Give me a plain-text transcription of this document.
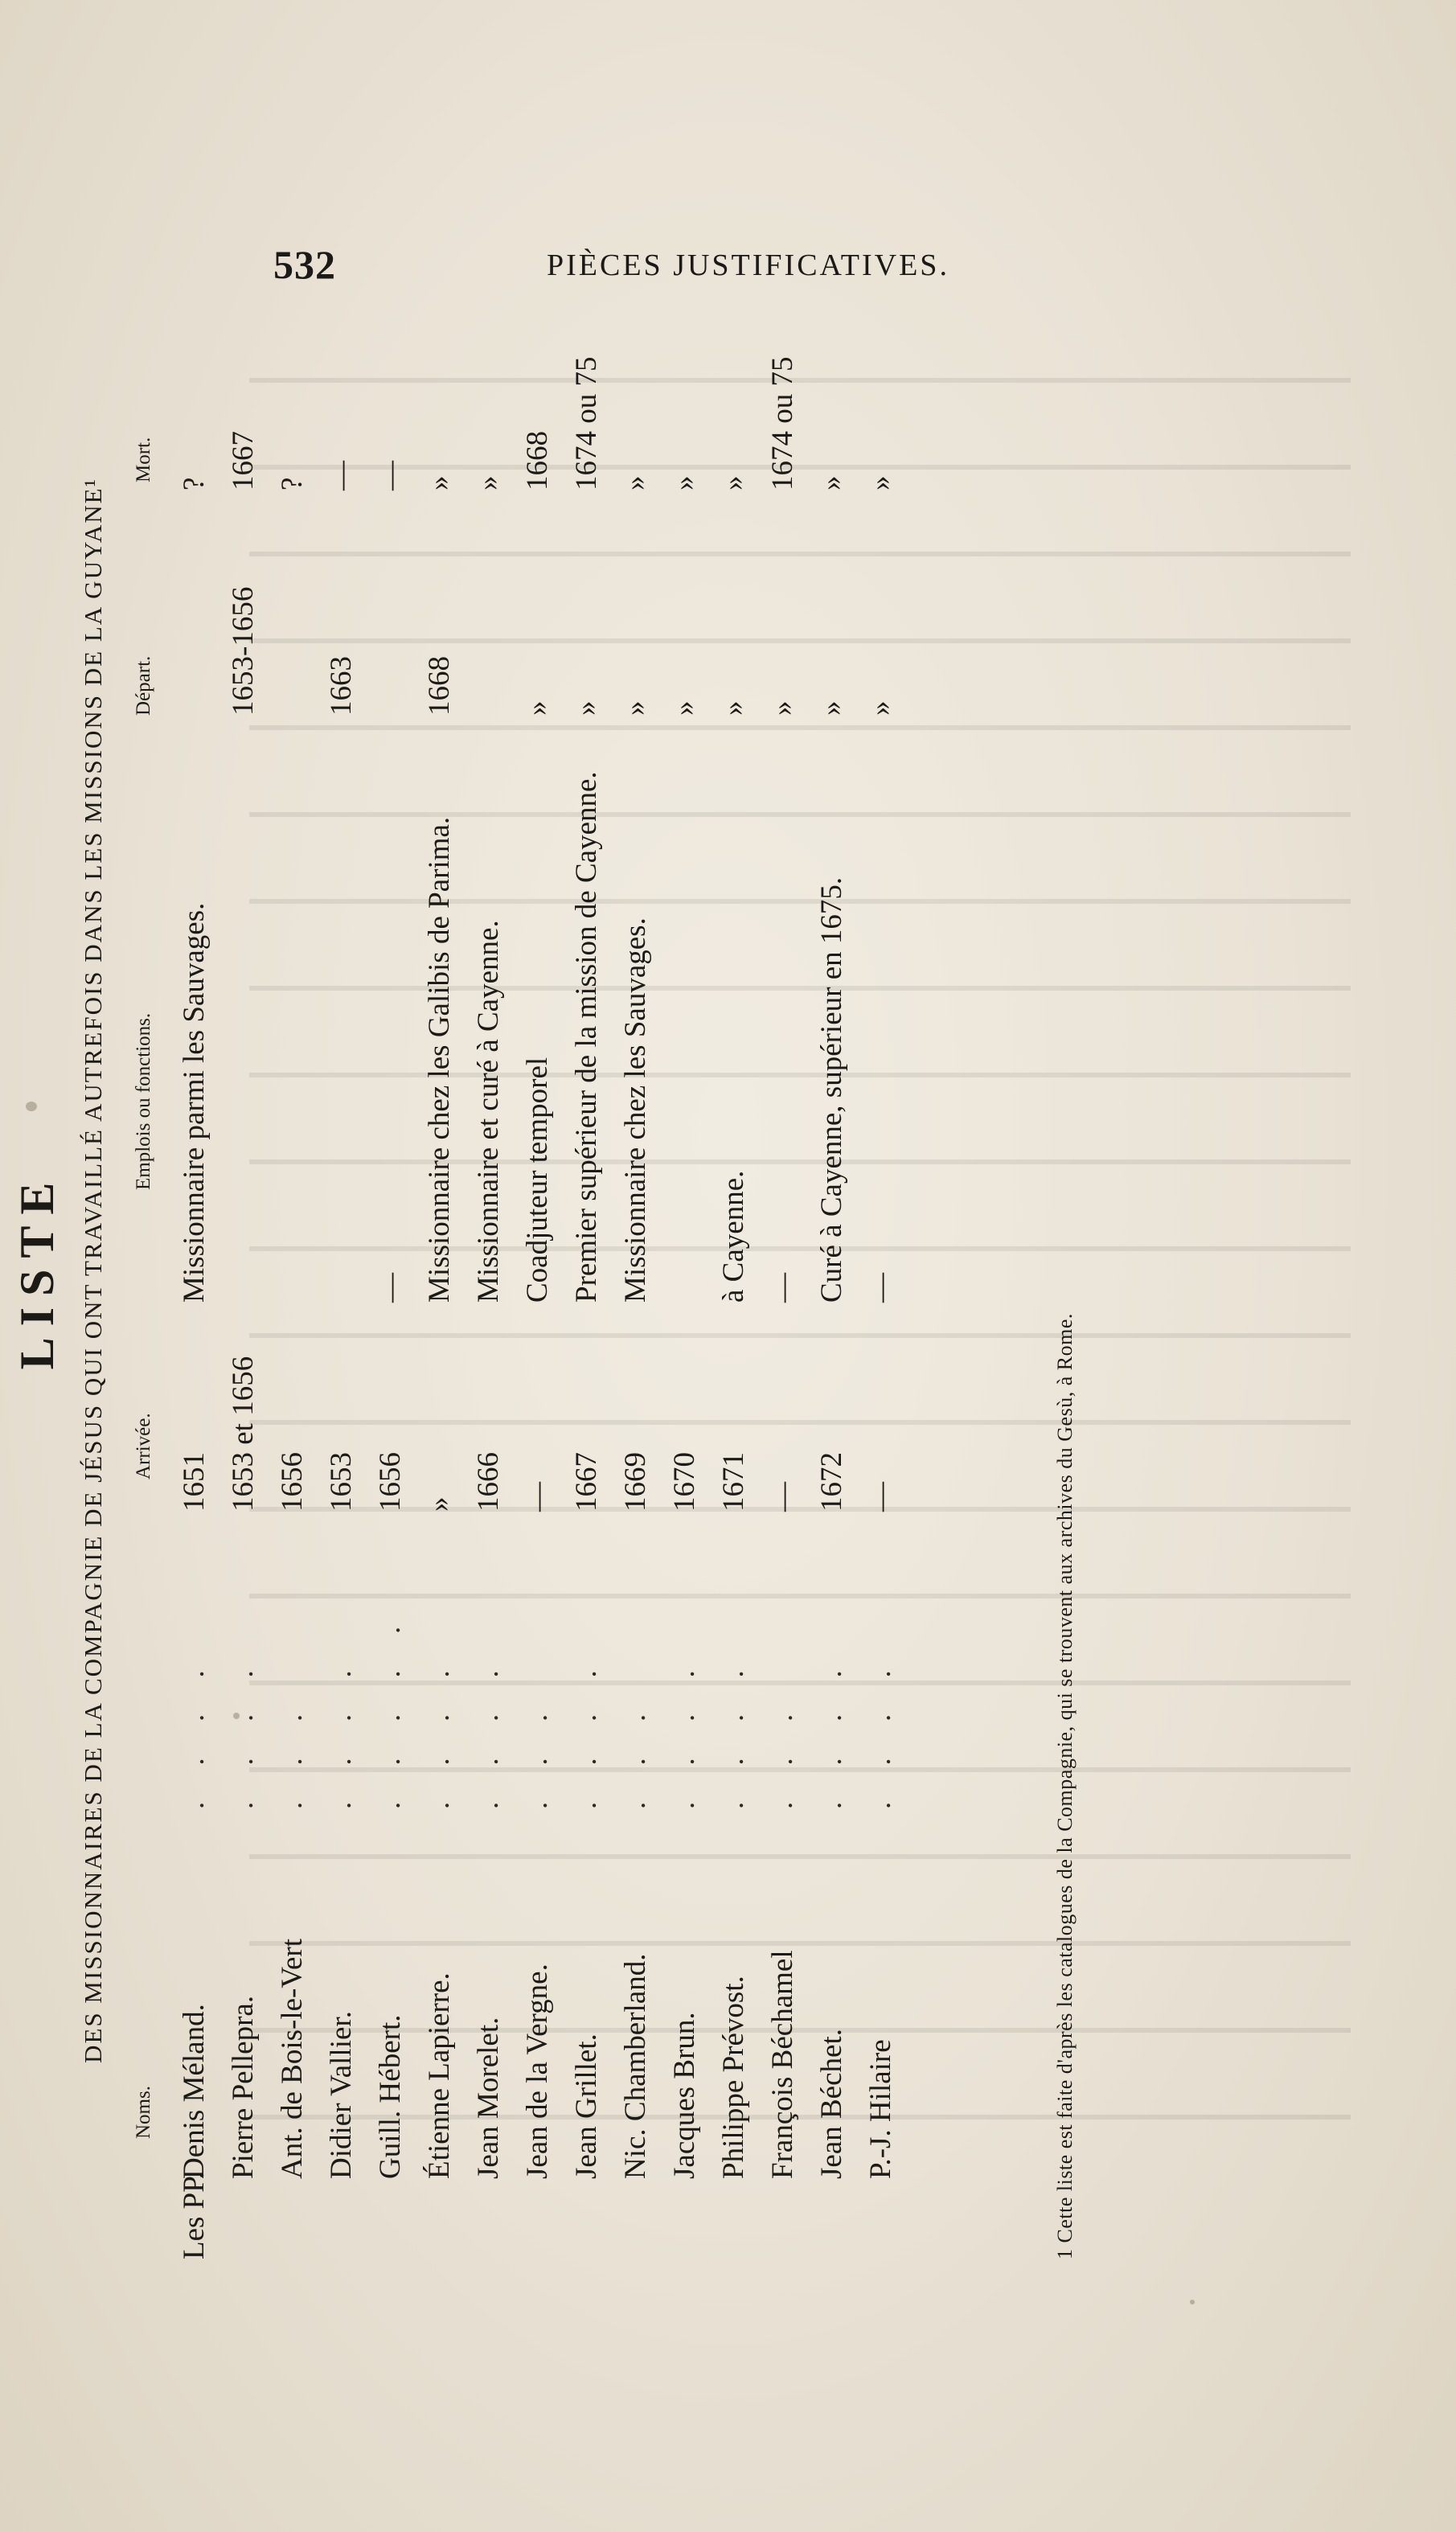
532	PIÈCES JUSTIFICATIVES.
LISTE DES MISSIONNAIRES DE LA COMPAGNIE DE JÉSUS QUI ONT TRAVAILLÉ AUTREFOIS DANS LES MISSIONS DE LA GUYANE¹
Noms.
Arrivée.
Emplois ou fonctions.
Départ.
Mort.
Les PP.
Denis Méland.
. . . .
1651
Missionnaire parmi les Sauvages.
?
Pierre Pellepra.
. . . .
1653 et 1656
1653-1656
1667
Ant. de Bois-le-Vert
. . .
1656
?
Didier Vallier.
. . . .
1653
1663
—
Guill. Hébert.
. . . . .
1656
—
—
Étienne Lapierre.
. . . .
»
Missionnaire chez les Galibis de Parima.
1668
»
Jean Morelet.
. . . .
1666
Missionnaire et curé à Cayenne.
»
Jean de la Vergne.
. . .
—
Coadjuteur temporel
»
1668
Jean Grillet.
. . . .
1667
Premier supérieur de la mission de Cayenne.
»
1674 ou 75
Nic. Chamberland.
. . .
1669
Missionnaire chez les Sauvages.
»
»
Jacques Brun.
. . . .
1670
»
»
Philippe Prévost.
. . . .
1671
à Cayenne.
»
»
François Béchamel
. . .
—
—
»
1674 ou 75
Jean Béchet.
. . . .
1672
Curé à Cayenne, supérieur en 1675.
»
»
P.-J. Hilaire
. . . .
—
—
»
»
1 Cette liste est faite d'après les catalogues de la Compagnie, qui se trouvent aux archives du Gesù, à Rome.
